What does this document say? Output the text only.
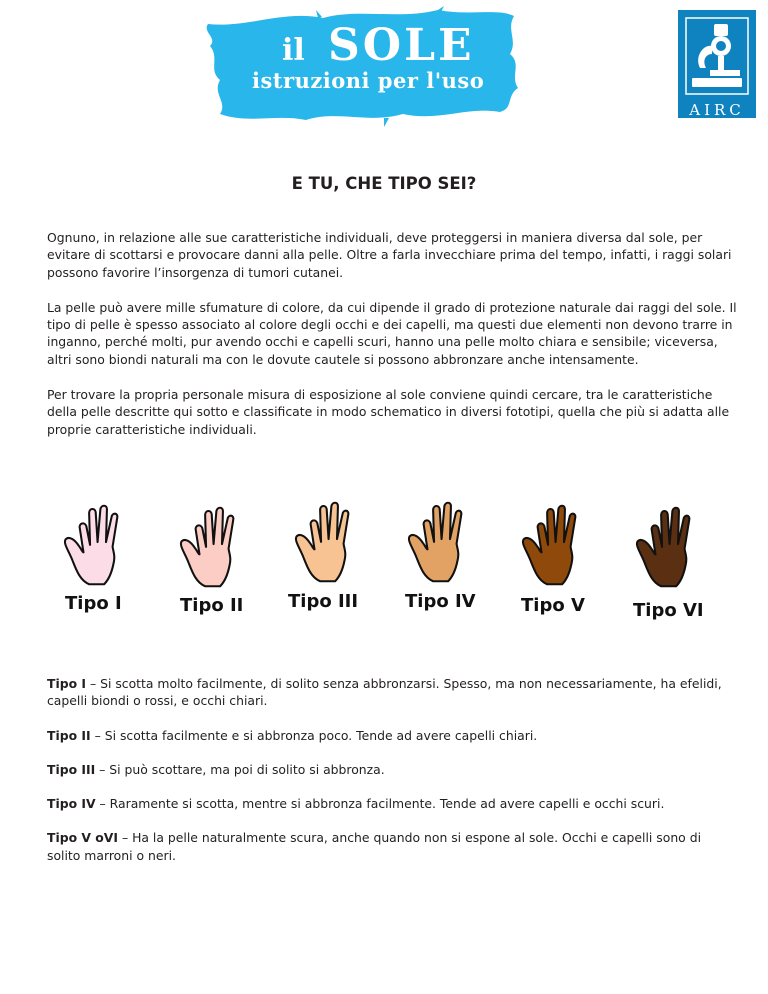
il SOLE
istruzioni per l'uso
AIRC
E TU, CHE TIPO SEI?

Ognuno, in relazione alle sue caratteristiche individuali, deve proteggersi in maniera diversa dal sole, per evitare di scottarsi e provocare danni alla pelle. Oltre a farla invecchiare prima del tempo, infatti, i raggi solari possono favorire l’insorgenza di tumori cutanei.

La pelle può avere mille sfumature di colore, da cui dipende il grado di protezione naturale dai raggi del sole. Il tipo di pelle è spesso associato al colore degli occhi e dei capelli, ma questi due elementi non devono trarre in inganno, perché molti, pur avendo occhi e capelli scuri, hanno una pelle molto chiara e sensibile; viceversa, altri sono biondi naturali ma con le dovute cautele si possono abbronzare anche intensamente.

Per trovare la propria personale misura di esposizione al sole conviene quindi cercare, tra le caratteristiche della pelle descritte qui sotto e classificate in modo schematico in diversi fototipi, quella che più si adatta alle proprie caratteristiche individuali.

Tipo I	Tipo II Tipo III	Tipo IV	Tipo V	Tipo VI

Tipo I – Si scotta molto facilmente, di solito senza abbronzarsi. Spesso, ma non necessariamente, ha efelidi, capelli biondi o rossi, e occhi chiari.

Tipo II – Si scotta facilmente e si abbronza poco. Tende ad avere capelli chiari.

Tipo III – Si può scottare, ma poi di solito si abbronza.

Tipo IV – Raramente si scotta, mentre si abbronza facilmente. Tende ad avere capelli e occhi scuri.

Tipo V oVI – Ha la pelle naturalmente scura, anche quando non si espone al sole. Occhi e capelli sono di solito marroni o neri.
